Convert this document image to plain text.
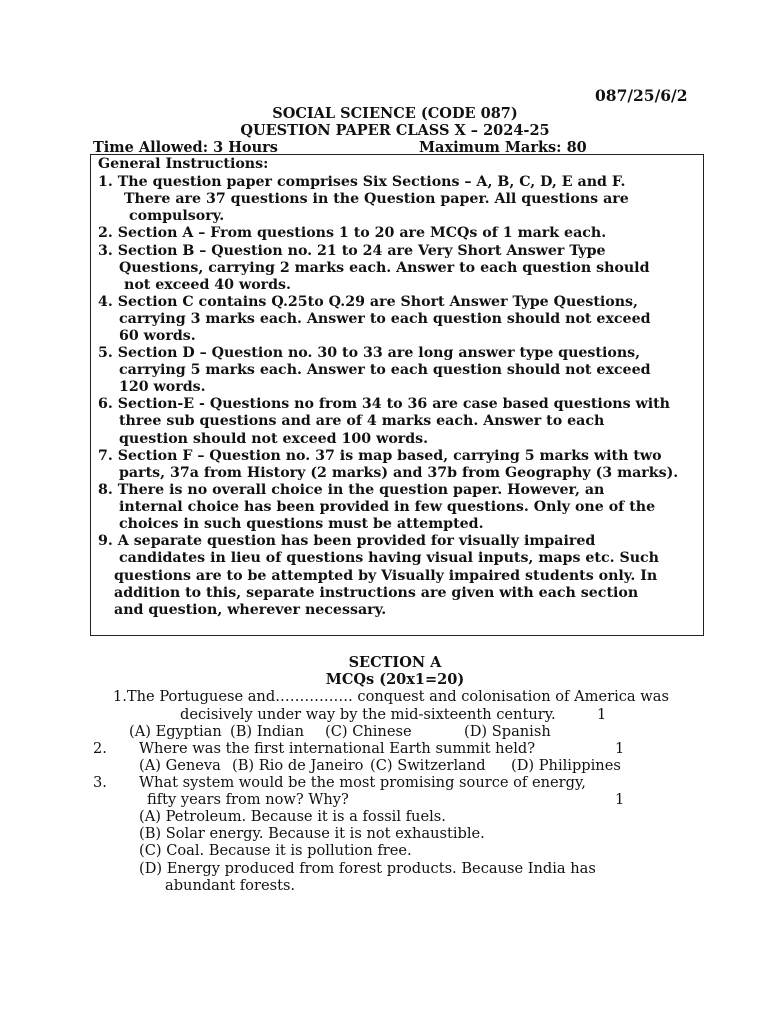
087/25/6/2
SOCIAL SCIENCE (CODE 087)
QUESTION PAPER CLASS X – 2024-25
Time Allowed: 3 Hours	Maximum Marks: 80
General Instructions:
1. The question paper comprises Six Sections – A, B, C, D, E and F.
There are 37 questions in the Question paper. All questions are
compulsory.
2. Section A – From questions 1 to 20 are MCQs of 1 mark each.
3. Section B – Question no. 21 to 24 are Very Short Answer Type
Questions, carrying 2 marks each. Answer to each question should
not exceed 40 words.
4. Section C contains Q.25to Q.29 are Short Answer Type Questions,
carrying 3 marks each. Answer to each question should not exceed
60 words.
5. Section D – Question no. 30 to 33 are long answer type questions,
carrying 5 marks each. Answer to each question should not exceed
120 words.
6. Section-E - Questions no from 34 to 36 are case based questions with
three sub questions and are of 4 marks each. Answer to each
question should not exceed 100 words.
7. Section F – Question no. 37 is map based, carrying 5 marks with two
parts, 37a from History (2 marks) and 37b from Geography (3 marks).
8. There is no overall choice in the question paper. However, an
internal choice has been provided in few questions. Only one of the
choices in such questions must be attempted.
9. A separate question has been provided for visually impaired
candidates in lieu of questions having visual inputs, maps etc. Such
questions are to be attempted by Visually impaired students only. In
addition to this, separate instructions are given with each section
and question, wherever necessary.
SECTION A
MCQs (20x1=20)
1.The Portuguese and……………. conquest and colonisation of America was
decisively under way by the mid-sixteenth century.	1
(A) Egyptian (B) Indian (C) Chinese	(D) Spanish
2. Where was the first international Earth summit held?	1
(A) Geneva (B) Rio de Janeiro (C) Switzerland (D) Philippines
3. What system would be the most promising source of energy,
fifty years from now? Why?	1
(A) Petroleum. Because it is a fossil fuels.
(B) Solar energy. Because it is not exhaustible.
(C) Coal. Because it is pollution free.
(D) Energy produced from forest products. Because India has
abundant forests.
